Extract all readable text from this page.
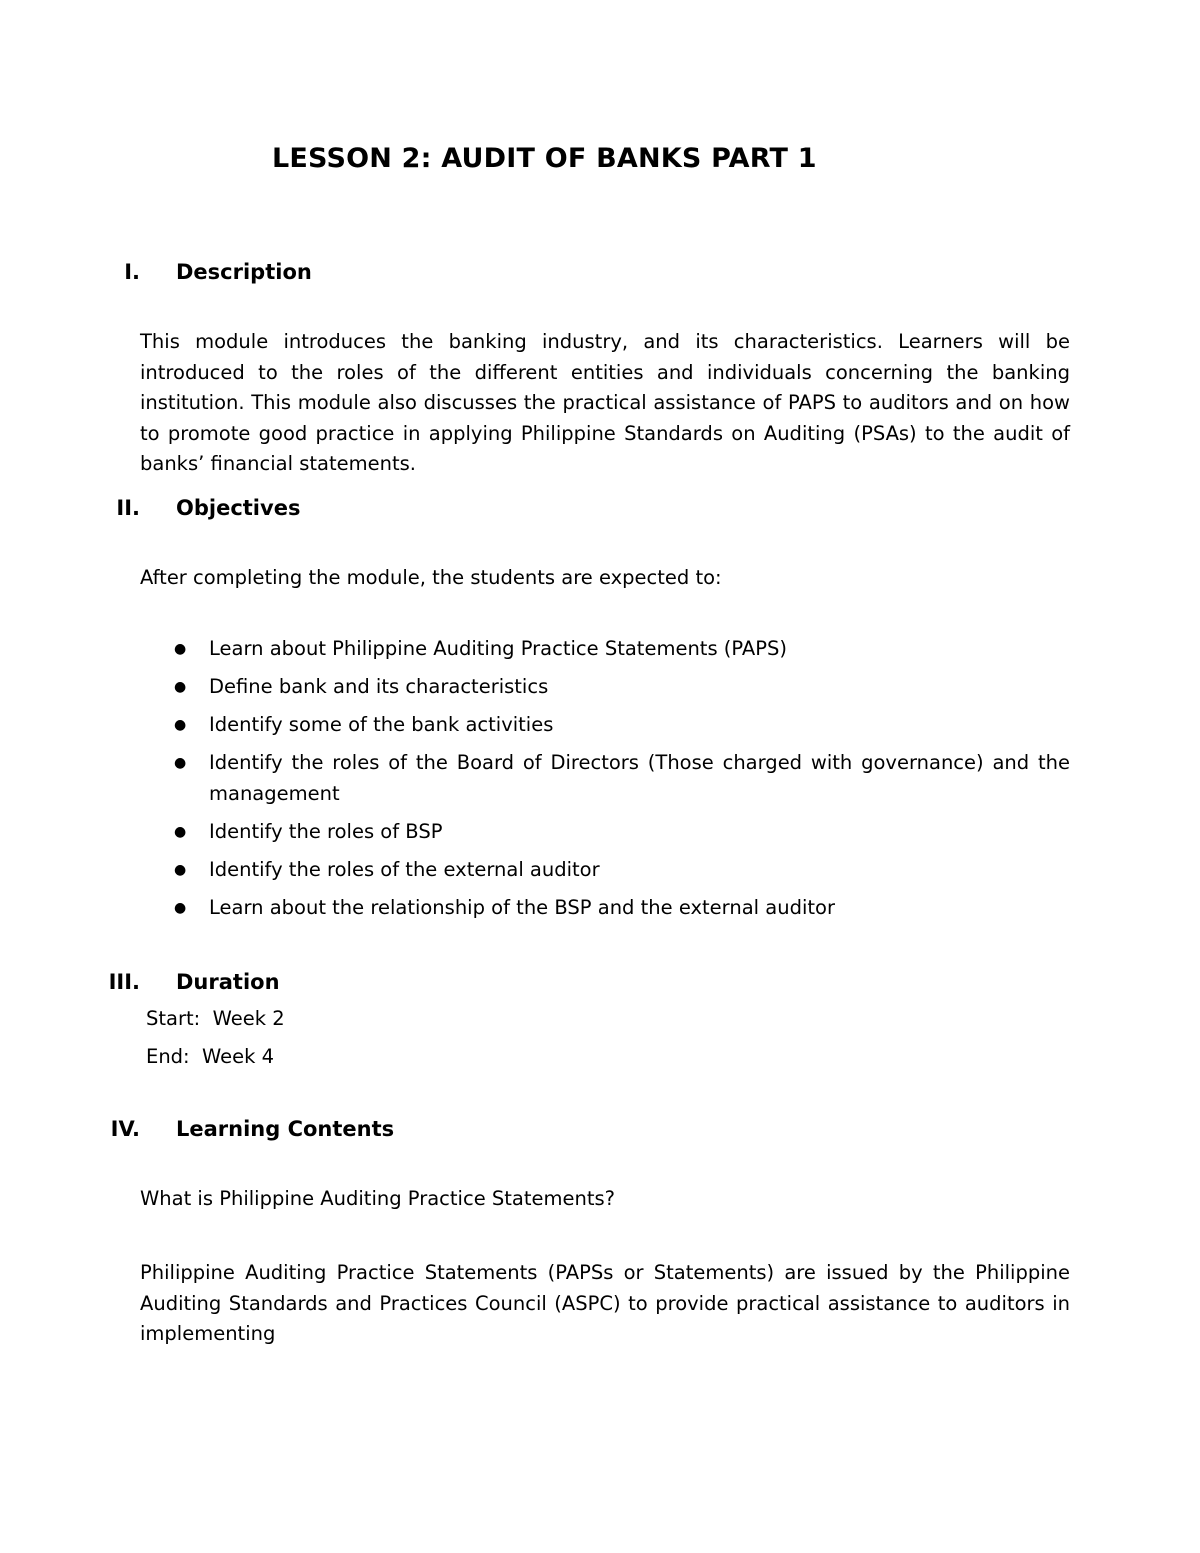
LESSON 2: AUDIT OF BANKS PART 1
I. Description
This module introduces the banking industry, and its characteristics. Learners will be introduced to the roles of the different entities and individuals concerning the banking institution. This module also discusses the practical assistance of PAPS to auditors and on how to promote good practice in applying Philippine Standards on Auditing (PSAs) to the audit of banks’ financial statements.
II. Objectives
After completing the module, the students are expected to:
● Learn about Philippine Auditing Practice Statements (PAPS)
● Define bank and its characteristics
● Identify some of the bank activities
● Identify the roles of the Board of Directors (Those charged with governance) and the management
● Identify the roles of BSP
● Identify the roles of the external auditor
● Learn about the relationship of the BSP and the external auditor
III. Duration
Start:  Week 2
End:  Week 4
IV. Learning Contents
What is Philippine Auditing Practice Statements?
Philippine Auditing Practice Statements (PAPSs or Statements) are issued by the Philippine Auditing Standards and Practices Council (ASPC) to provide practical assistance to auditors in implementing
